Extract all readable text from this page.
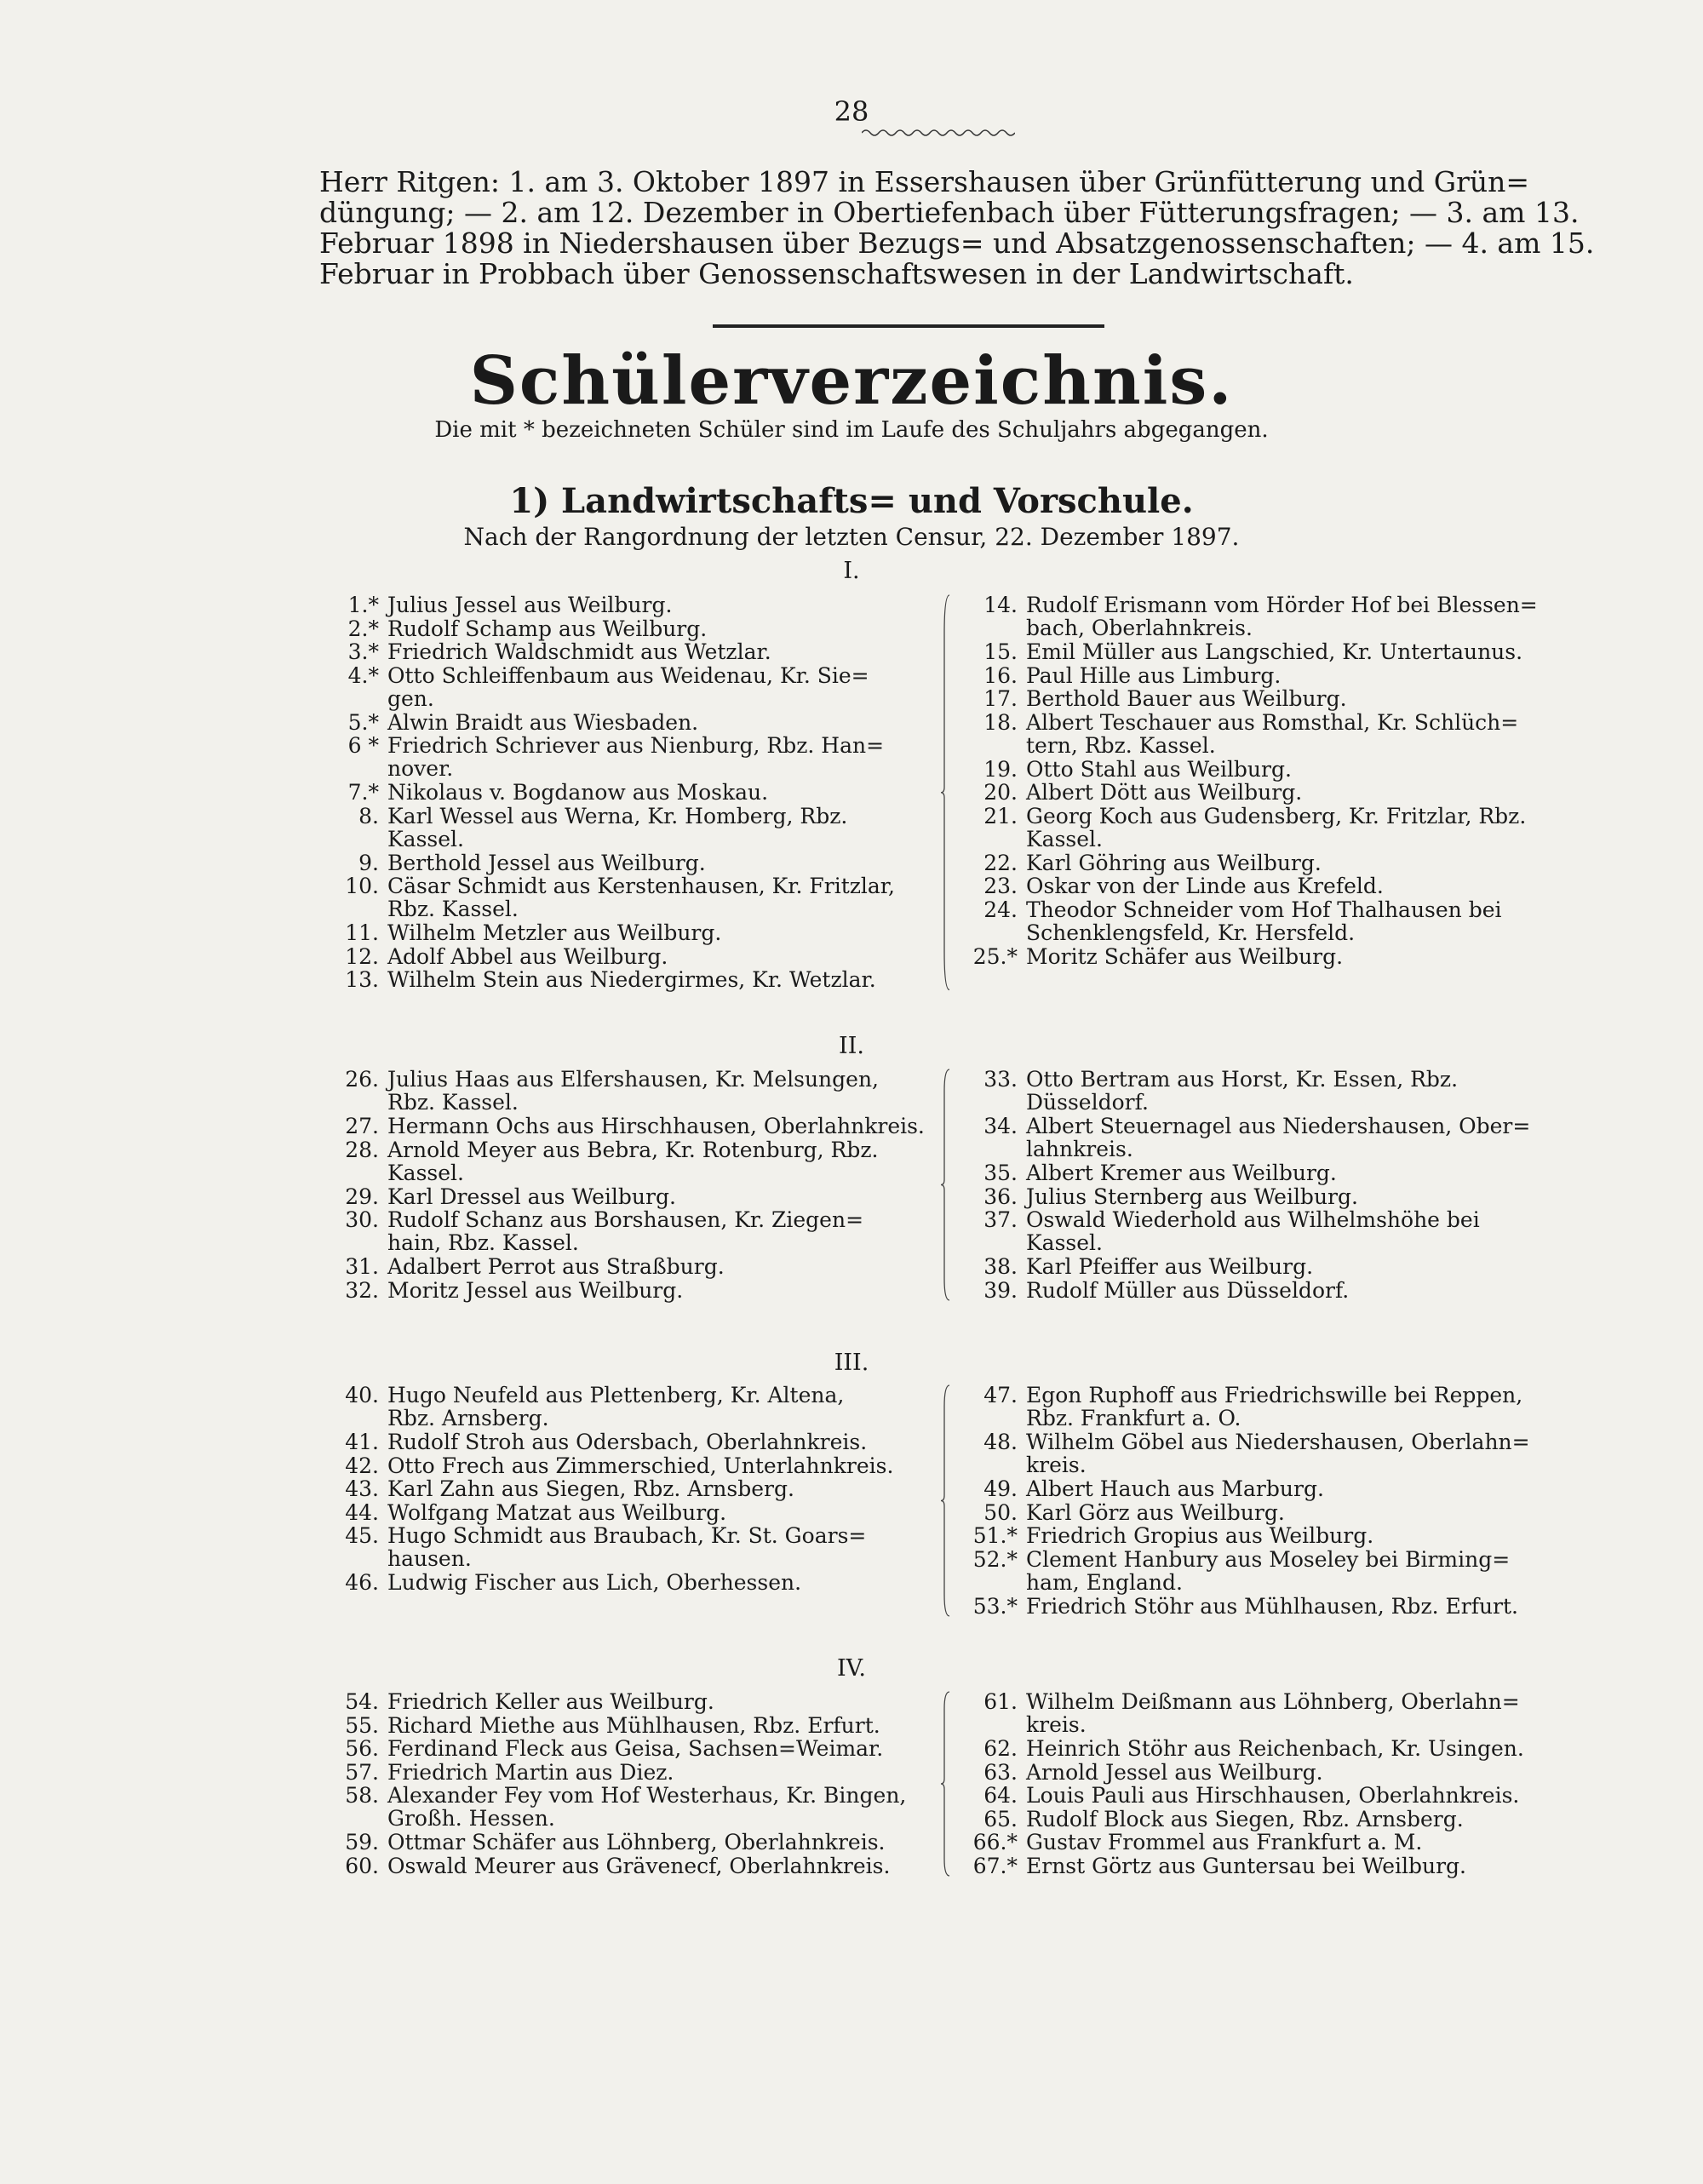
28
Herr Ritgen: 1. am 3. Oktober 1897 in Essershausen über Grünfütterung und Grün=
düngung; — 2. am 12. Dezember in Obertiefenbach über Fütterungsfragen; — 3. am 13.
Februar 1898 in Niedershausen über Bezugs= und Absatzgenossenschaften; — 4. am 15.
Februar in Probbach über Genossenschaftswesen in der Landwirtschaft.
Schülerverzeichnis.
Die mit * bezeichneten Schüler sind im Laufe des Schuljahrs abgegangen.
1) Landwirtschafts= und Vorschule.
Nach der Rangordnung der letzten Censur, 22. Dezember 1897.
I.
1.* Julius Jessel aus Weilburg.
2.* Rudolf Schamp aus Weilburg.
3.* Friedrich Waldschmidt aus Wetzlar.
4.* Otto Schleiffenbaum aus Weidenau, Kr. Sie=
gen.
5.* Alwin Braidt aus Wiesbaden.
6 * Friedrich Schriever aus Nienburg, Rbz. Han=
nover.
7.* Nikolaus v. Bogdanow aus Moskau.
8. Karl Wessel aus Werna, Kr. Homberg, Rbz.
Kassel.
9. Berthold Jessel aus Weilburg.
10. Cäsar Schmidt aus Kerstenhausen, Kr. Fritzlar,
Rbz. Kassel.
11. Wilhelm Metzler aus Weilburg.
12. Adolf Abbel aus Weilburg.
13. Wilhelm Stein aus Niedergirmes, Kr. Wetzlar.
14. Rudolf Erismann vom Hörder Hof bei Blessen=
bach, Oberlahnkreis.
15. Emil Müller aus Langschied, Kr. Untertaunus.
16. Paul Hille aus Limburg.
17. Berthold Bauer aus Weilburg.
18. Albert Teschauer aus Romsthal, Kr. Schlüch=
tern, Rbz. Kassel.
19. Otto Stahl aus Weilburg.
20. Albert Dött aus Weilburg.
21. Georg Koch aus Gudensberg, Kr. Fritzlar, Rbz.
Kassel.
22. Karl Göhring aus Weilburg.
23. Oskar von der Linde aus Krefeld.
24. Theodor Schneider vom Hof Thalhausen bei
Schenklengsfeld, Kr. Hersfeld.
25.* Moritz Schäfer aus Weilburg.
II.
26. Julius Haas aus Elfershausen, Kr. Melsungen,
Rbz. Kassel.
27. Hermann Ochs aus Hirschhausen, Oberlahnkreis.
28. Arnold Meyer aus Bebra, Kr. Rotenburg, Rbz.
Kassel.
29. Karl Dressel aus Weilburg.
30. Rudolf Schanz aus Borshausen, Kr. Ziegen=
hain, Rbz. Kassel.
31. Adalbert Perrot aus Straßburg.
32. Moritz Jessel aus Weilburg.
33. Otto Bertram aus Horst, Kr. Essen, Rbz.
Düsseldorf.
34. Albert Steuernagel aus Niedershausen, Ober=
lahnkreis.
35. Albert Kremer aus Weilburg.
36. Julius Sternberg aus Weilburg.
37. Oswald Wiederhold aus Wilhelmshöhe bei
Kassel.
38. Karl Pfeiffer aus Weilburg.
39. Rudolf Müller aus Düsseldorf.
III.
40. Hugo Neufeld aus Plettenberg, Kr. Altena,
Rbz. Arnsberg.
41. Rudolf Stroh aus Odersbach, Oberlahnkreis.
42. Otto Frech aus Zimmerschied, Unterlahnkreis.
43. Karl Zahn aus Siegen, Rbz. Arnsberg.
44. Wolfgang Matzat aus Weilburg.
45. Hugo Schmidt aus Braubach, Kr. St. Goars=
hausen.
46. Ludwig Fischer aus Lich, Oberhessen.
47. Egon Ruphoff aus Friedrichswille bei Reppen,
Rbz. Frankfurt a. O.
48. Wilhelm Göbel aus Niedershausen, Oberlahn=
kreis.
49. Albert Hauch aus Marburg.
50. Karl Görz aus Weilburg.
51.* Friedrich Gropius aus Weilburg.
52.* Clement Hanbury aus Moseley bei Birming=
ham, England.
53.* Friedrich Stöhr aus Mühlhausen, Rbz. Erfurt.
IV.
54. Friedrich Keller aus Weilburg.
55. Richard Miethe aus Mühlhausen, Rbz. Erfurt.
56. Ferdinand Fleck aus Geisa, Sachsen=Weimar.
57. Friedrich Martin aus Diez.
58. Alexander Fey vom Hof Westerhaus, Kr. Bingen,
Großh. Hessen.
59. Ottmar Schäfer aus Löhnberg, Oberlahnkreis.
60. Oswald Meurer aus Grävenecf, Oberlahnkreis.
61. Wilhelm Deißmann aus Löhnberg, Oberlahn=
kreis.
62. Heinrich Stöhr aus Reichenbach, Kr. Usingen.
63. Arnold Jessel aus Weilburg.
64. Louis Pauli aus Hirschhausen, Oberlahnkreis.
65. Rudolf Block aus Siegen, Rbz. Arnsberg.
66.* Gustav Frommel aus Frankfurt a. M.
67.* Ernst Görtz aus Guntersau bei Weilburg.
